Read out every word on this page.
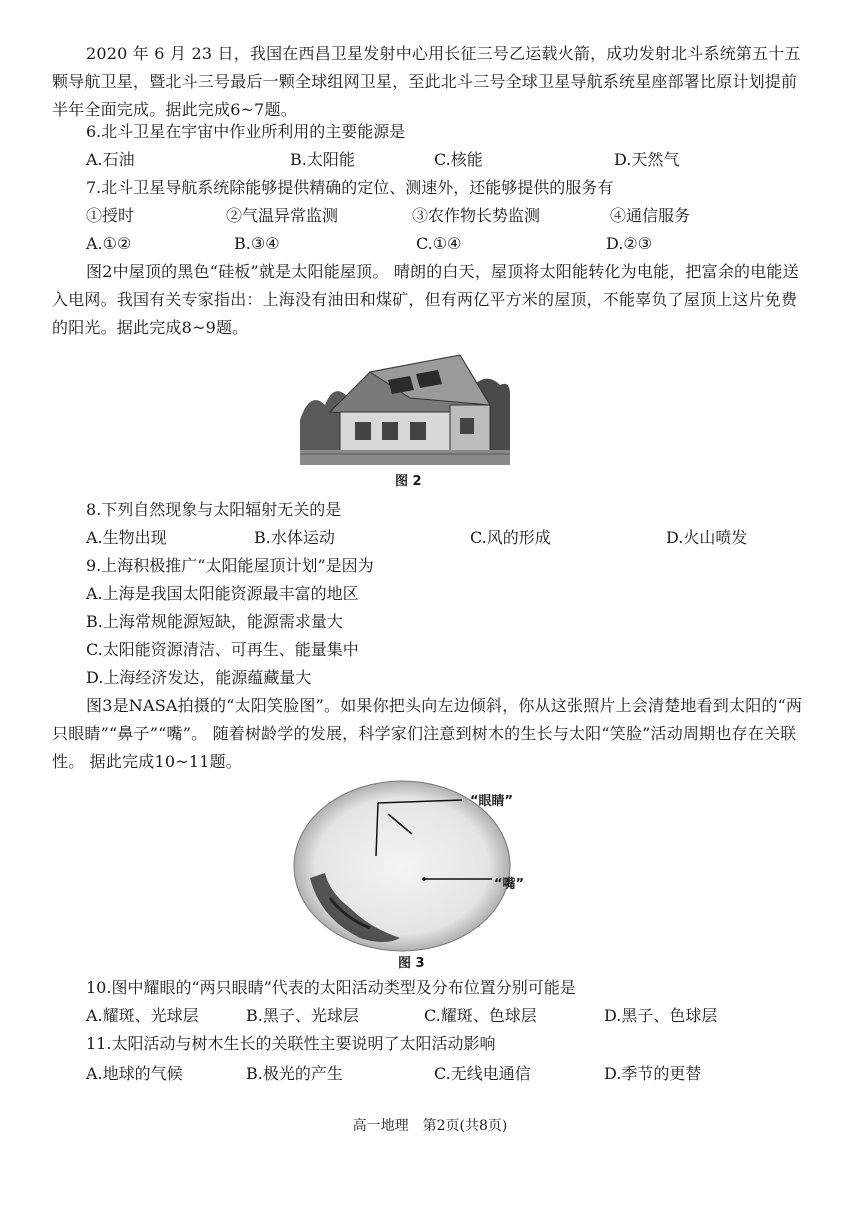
2020 年 6 月 23 日，我国在西昌卫星发射中心用长征三号乙运载火箭，成功发射北斗系统第五十五颗导航卫星，暨北斗三号最后一颗全球组网卫星，至此北斗三号全球卫星导航系统星座部署比原计划提前半年全面完成。据此完成6~7题。
6.北斗卫星在宇宙中作业所利用的主要能源是
A.石油	B.太阳能	C.核能	D.天然气
7.北斗卫星导航系统除能够提供精确的定位、测速外，还能够提供的服务有
①授时	②气温异常监测	③农作物长势监测	④通信服务
A.①②	B.③④	C.①④	D.②③
图2中屋顶的黑色“硅板”就是太阳能屋顶。 晴朗的白天，屋顶将太阳能转化为电能，把富余的电能送入电网。我国有关专家指出：上海没有油田和煤矿，但有两亿平方米的屋顶，不能辜负了屋顶上这片免费的阳光。据此完成8~9题。
图 2
8.下列自然现象与太阳辐射无关的是
A.生物出现	B.水体运动	C.风的形成	D.火山喷发
9.上海积极推广“太阳能屋顶计划”是因为
A.上海是我国太阳能资源最丰富的地区
B.上海常规能源短缺，能源需求量大
C.太阳能资源清洁、可再生、能量集中
D.上海经济发达，能源蕴藏量大
图3是NASA拍摄的“太阳笑脸图”。如果你把头向左边倾斜，你从这张照片上会清楚地看到太阳的“两只眼睛”“鼻子”“嘴”。 随着树龄学的发展，科学家们注意到树木的生长与太阳“笑脸”活动周期也存在关联性。 据此完成10~11题。
“眼睛”
“嘴”
图 3
10.图中耀眼的“两只眼睛”代表的太阳活动类型及分布位置分别可能是
A.耀斑、光球层	B.黑子、光球层	C.耀斑、色球层	D.黑子、色球层
11.太阳活动与树木生长的关联性主要说明了太阳活动影响
A.地球的气候	B.极光的产生	C.无线电通信	D.季节的更替
高一地理　第2页(共8页)
